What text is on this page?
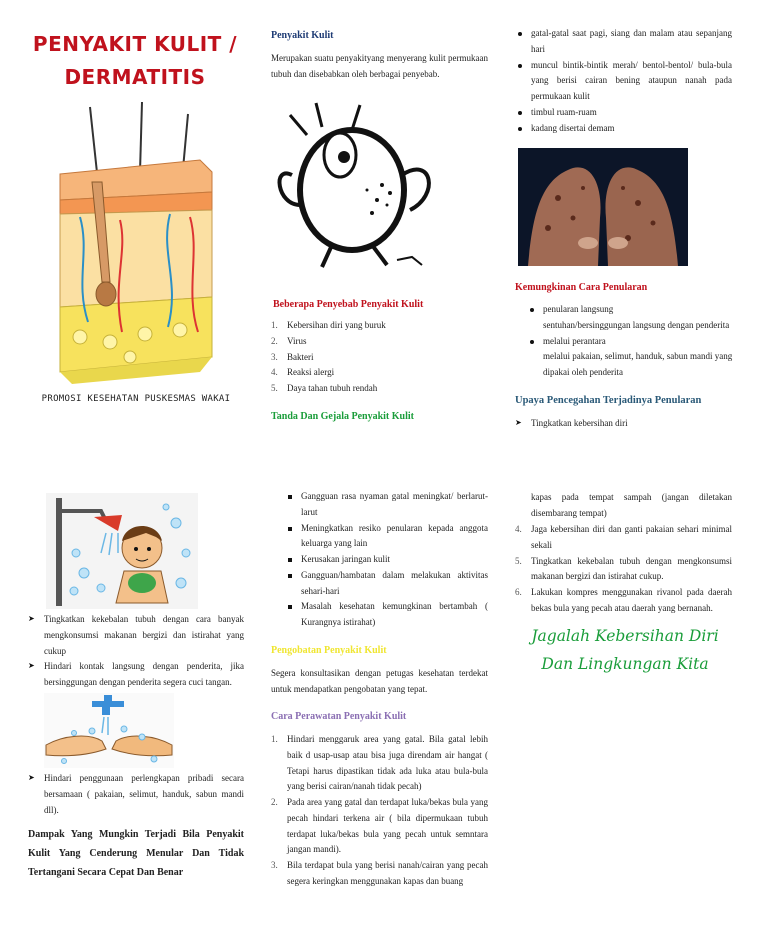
PENYAKIT KULIT /
DERMATITIS
PROMOSI KESEHATAN PUSKESMAS WAKAI
Penyakit Kulit

Merupakan suatu penyakityang menyerang kulit permukaan tubuh dan disebabkan oleh berbagai penyebab.

Beberapa Penyebab Penyakit Kulit
1. Kebersihan diri yang buruk
2. Virus
3. Bakteri
4. Reaksi alergi
5. Daya tahan tubuh rendah
Tanda Dan Gejala Penyakit Kulit
gatal-gatal saat pagi, siang dan malam atau sepanjang hari
muncul bintik-bintik merah/ bentol-bentol/ bula-bula yang berisi cairan bening ataupun nanah pada permukaan kulit
timbul ruam-ruam
kadang disertai demam
Kemungkinan Cara Penularan
penularan langsung
sentuhan/bersinggungan langsung dengan penderita
melalui perantara
melalui pakaian, selimut, handuk, sabun mandi yang dipakai oleh penderita
Upaya Pencegahan Terjadinya Penularan
➤ Tingkatkan kebersihan diri
➤ Tingkatkan kekebalan tubuh dengan cara banyak mengkonsumsi makanan bergizi dan istirahat yang cukup
➤ Hindari kontak langsung dengan penderita, jika bersinggungan dengan penderita segera cuci tangan.
➤ Hindari penggunaan perlengkapan pribadi secara bersamaan ( pakaian, selimut, handuk, sabun mandi dll).

Dampak Yang Mungkin Terjadi Bila Penyakit Kulit Yang Cenderung Menular Dan Tidak Tertangani Secara Cepat Dan Benar

Gangguan rasa nyaman gatal meningkat/ berlarut-larut
Meningkatkan resiko penularan kepada anggota keluarga yang lain
Kerusakan jaringan kulit
Gangguan/hambatan dalam melakukan aktivitas sehari-hari
Masalah kesehatan kemungkinan bertambah ( Kurangnya istirahat)
Pengobatan Penyakit Kulit

Segera konsultasikan dengan petugas kesehatan terdekat untuk mendapatkan pengobatan yang tepat.

Cara Perawatan Penyakit Kulit
1. Hindari menggaruk area yang gatal. Bila gatal lebih baik d usap-usap atau bisa juga direndam air hangat ( Tetapi harus dipastikan tidak ada luka atau bula-bula yang berisi cairan/nanah tidak pecah)
2. Pada area yang gatal dan terdapat luka/bekas bula yang pecah hindari terkena air ( bila dipermukaan tubuh terdapat luka/bekas bula yang pecah untuk semntara jangan mandi).
3. Bila terdapat bula yang berisi nanah/cairan yang pecah segera keringkan menggunakan kapas dan buang

kapas pada tempat sampah (jangan diletakan disembarang tempat)

4. Jaga kebersihan diri dan ganti pakaian sehari minimal sekali
5. Tingkatkan kekebalan tubuh dengan mengkonsumsi makanan bergizi dan istirahat cukup.
6. Lakukan kompres menggunakan rivanol pada daerah bekas bula yang pecah atau daerah yang bernanah.
Jagalah Kebersihan Diri
Dan Lingkungan Kita
